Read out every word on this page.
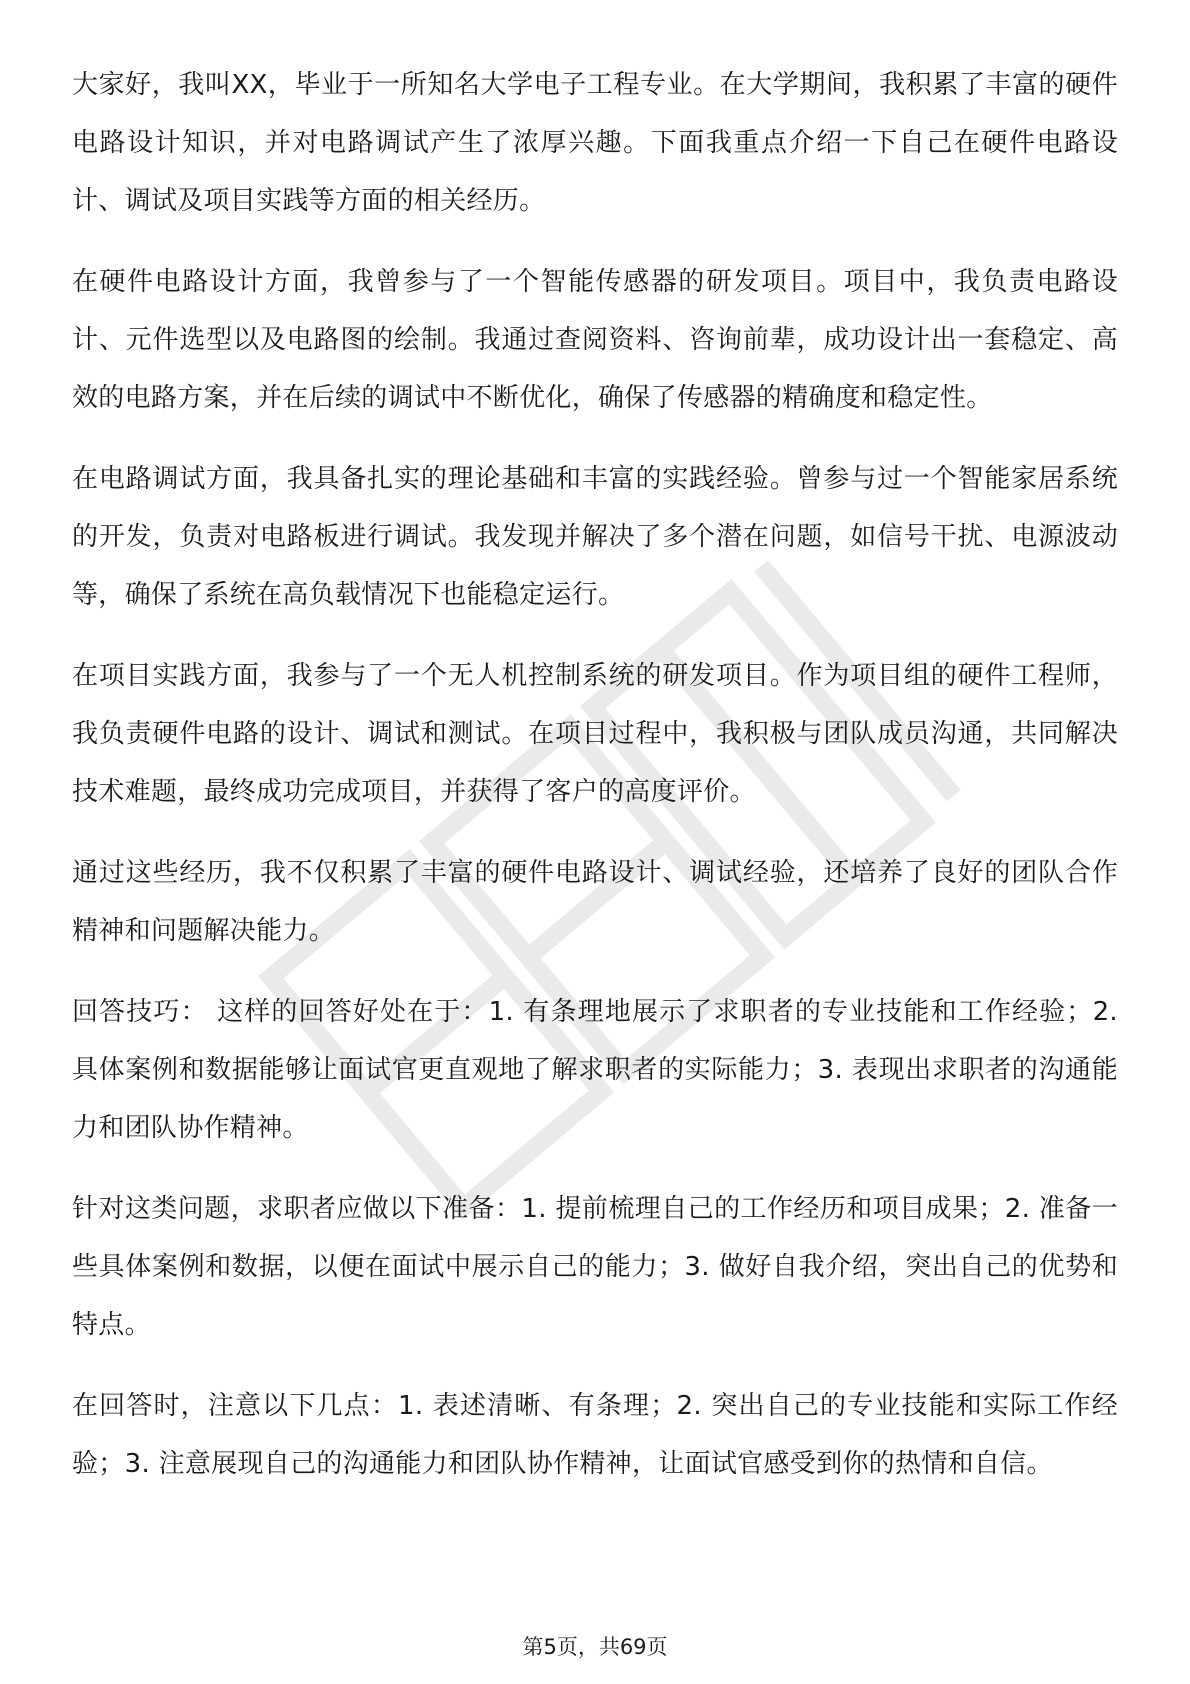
大家好，我叫XX，毕业于一所知名大学电子工程专业。在大学期间，我积累了丰富的硬件电路设计知识，并对电路调试产生了浓厚兴趣。下面我重点介绍一下自己在硬件电路设计、调试及项目实践等方面的相关经历。

在硬件电路设计方面，我曾参与了一个智能传感器的研发项目。项目中，我负责电路设计、元件选型以及电路图的绘制。我通过查阅资料、咨询前辈，成功设计出一套稳定、高效的电路方案，并在后续的调试中不断优化，确保了传感器的精确度和稳定性。

在电路调试方面，我具备扎实的理论基础和丰富的实践经验。曾参与过一个智能家居系统的开发，负责对电路板进行调试。我发现并解决了多个潜在问题，如信号干扰、电源波动等，确保了系统在高负载情况下也能稳定运行。

在项目实践方面，我参与了一个无人机控制系统的研发项目。作为项目组的硬件工程师，我负责硬件电路的设计、调试和测试。在项目过程中，我积极与团队成员沟通，共同解决技术难题，最终成功完成项目，并获得了客户的高度评价。

通过这些经历，我不仅积累了丰富的硬件电路设计、调试经验，还培养了良好的团队合作精神和问题解决能力。

回答技巧： 这样的回答好处在于：1. 有条理地展示了求职者的专业技能和工作经验；2. 具体案例和数据能够让面试官更直观地了解求职者的实际能力；3. 表现出求职者的沟通能力和团队协作精神。

针对这类问题，求职者应做以下准备：1. 提前梳理自己的工作经历和项目成果；2. 准备一些具体案例和数据，以便在面试中展示自己的能力；3. 做好自我介绍，突出自己的优势和特点。

在回答时，注意以下几点：1. 表述清晰、有条理；2. 突出自己的专业技能和实际工作经验；3. 注意展现自己的沟通能力和团队协作精神，让面试官感受到你的热情和自信。

第5页，共69页
